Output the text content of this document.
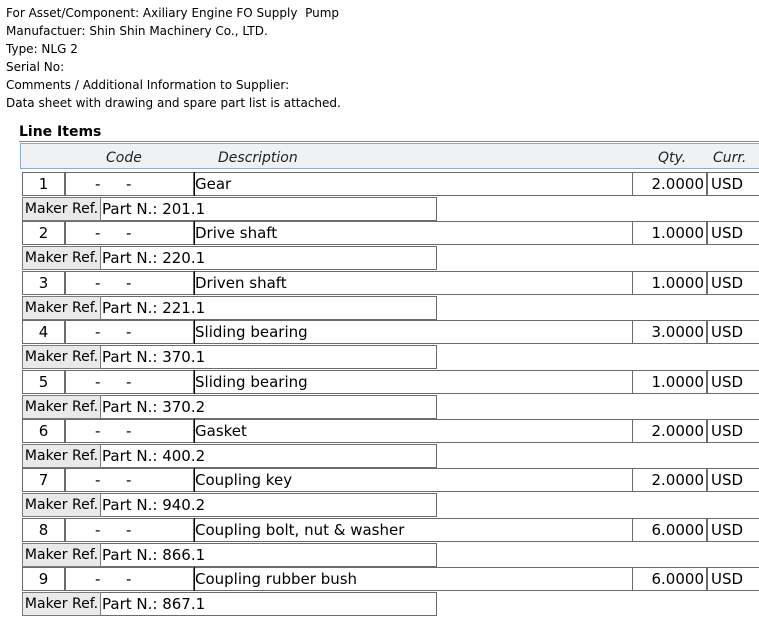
For Asset/Component: Axiliary Engine FO Supply  Pump
Manufactuer: Shin Shin Machinery Co., LTD.
Type: NLG 2
Serial No:
Comments / Additional Information to Supplier:
Data sheet with drawing and spare part list is attached.
Line Items
Code	Description	Qty. Curr.
1	- -	Gear	2.0000 USD
Maker Ref. Part N.: 201.1
2	- -	Drive shaft	1.0000 USD
Maker Ref. Part N.: 220.1
3	- -	Driven shaft	1.0000 USD
Maker Ref. Part N.: 221.1
4	- -	Sliding bearing	3.0000 USD
Maker Ref. Part N.: 370.1
5	- -	Sliding bearing	1.0000 USD
Maker Ref. Part N.: 370.2
6	- -	Gasket	2.0000 USD
Maker Ref. Part N.: 400.2
7	- -	Coupling key	2.0000 USD
Maker Ref. Part N.: 940.2
8	- -	Coupling bolt, nut & washer	6.0000 USD
Maker Ref. Part N.: 866.1
9	- -	Coupling rubber bush	6.0000 USD
Maker Ref. Part N.: 867.1
